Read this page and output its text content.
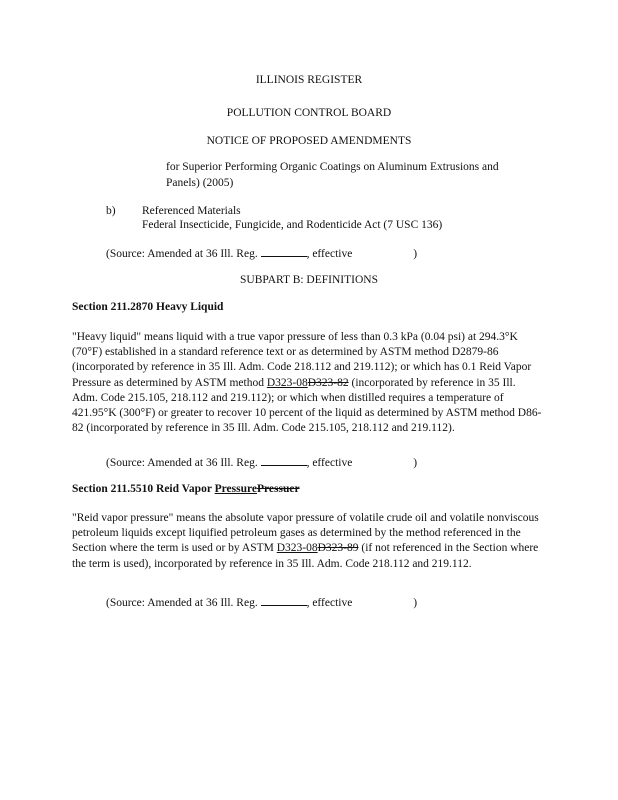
ILLINOIS REGISTER
POLLUTION CONTROL BOARD
NOTICE OF PROPOSED AMENDMENTS
for Superior Performing Organic Coatings on Aluminum Extrusions and
Panels) (2005)
b) Referenced Materials
Federal Insecticide, Fungicide, and Rodenticide Act (7 USC 136)
(Source: Amended at 36 Ill. Reg.	, effective	)
SUBPART B: DEFINITIONS
Section 211.2870 Heavy Liquid
"Heavy liquid" means liquid with a true vapor pressure of less than 0.3 kPa (0.04 psi) at 294.3°K (70°F) established in a standard reference text or as determined by ASTM method D2879-86 (incorporated by reference in 35 Ill. Adm. Code 218.112 and 219.112); or which has 0.1 Reid Vapor Pressure as determined by ASTM method D323-08D323-82 (incorporated by reference in 35 Ill. Adm. Code 215.105, 218.112 and 219.112); or which when distilled requires a temperature of 421.95°K (300°F) or greater to recover 10 percent of the liquid as determined by ASTM method D86-82 (incorporated by reference in 35 Ill. Adm. Code 215.105, 218.112 and 219.112).
(Source: Amended at 36 Ill. Reg.	, effective	)
Section 211.5510 Reid Vapor PressurePressuer
"Reid vapor pressure" means the absolute vapor pressure of volatile crude oil and volatile nonviscous petroleum liquids except liquified petroleum gases as determined by the method referenced in the Section where the term is used or by ASTM D323-08D323-89 (if not referenced in the Section where the term is used), incorporated by reference in 35 Ill. Adm. Code 218.112 and 219.112.
(Source: Amended at 36 Ill. Reg.	, effective	)
